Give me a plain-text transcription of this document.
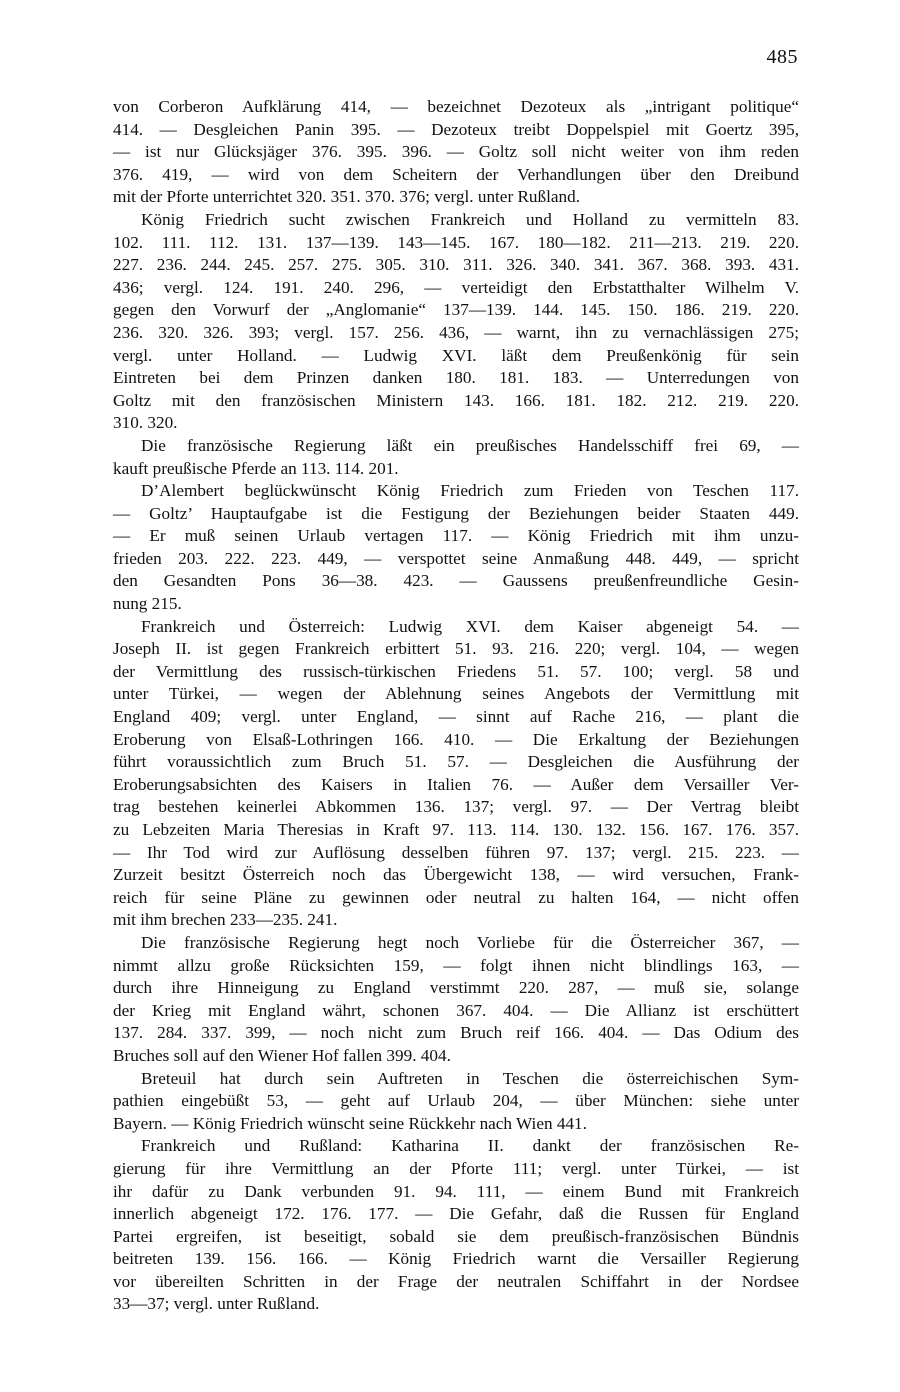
485
von Corberon Aufklärung 414, — bezeichnet Dezoteux als „intrigant politique“
414. — Desgleichen Panin 395. — Dezoteux treibt Doppelspiel mit Goertz 395,
— ist nur Glücksjäger 376. 395. 396. — Goltz soll nicht weiter von ihm reden
376. 419, — wird von dem Scheitern der Verhandlungen über den Dreibund
mit der Pforte unterrichtet 320. 351. 370. 376; vergl. unter Rußland.
König Friedrich sucht zwischen Frankreich und Holland zu vermitteln 83.
102. 111. 112. 131. 137—139. 143—145. 167. 180—182. 211—213. 219. 220.
227. 236. 244. 245. 257. 275. 305. 310. 311. 326. 340. 341. 367. 368. 393. 431.
436; vergl. 124. 191. 240. 296, — verteidigt den Erbstatthalter Wilhelm V.
gegen den Vorwurf der „Anglomanie“ 137—139. 144. 145. 150. 186. 219. 220.
236. 320. 326. 393; vergl. 157. 256. 436, — warnt, ihn zu vernachlässigen 275;
vergl. unter Holland. — Ludwig XVI. läßt dem Preußenkönig für sein
Eintreten bei dem Prinzen danken 180. 181. 183. — Unterredungen von
Goltz mit den französischen Ministern 143. 166. 181. 182. 212. 219. 220.
310. 320.
Die französische Regierung läßt ein preußisches Handelsschiff frei 69, —
kauft preußische Pferde an 113. 114. 201.
D’Alembert beglückwünscht König Friedrich zum Frieden von Teschen 117.
— Goltz’ Hauptaufgabe ist die Festigung der Beziehungen beider Staaten 449.
— Er muß seinen Urlaub vertagen 117. — König Friedrich mit ihm unzu-
frieden 203. 222. 223. 449, — verspottet seine Anmaßung 448. 449, — spricht
den Gesandten Pons 36—38. 423. — Gaussens preußenfreundliche Gesin-
nung 215.
Frankreich und Österreich: Ludwig XVI. dem Kaiser abgeneigt 54. —
Joseph II. ist gegen Frankreich erbittert 51. 93. 216. 220; vergl. 104, — wegen
der Vermittlung des russisch-türkischen Friedens 51. 57. 100; vergl. 58 und
unter Türkei, — wegen der Ablehnung seines Angebots der Vermittlung mit
England 409; vergl. unter England, — sinnt auf Rache 216, — plant die
Eroberung von Elsaß-Lothringen 166. 410. — Die Erkaltung der Beziehungen
führt voraussichtlich zum Bruch 51. 57. — Desgleichen die Ausführung der
Eroberungsabsichten des Kaisers in Italien 76. — Außer dem Versailler Ver-
trag bestehen keinerlei Abkommen 136. 137; vergl. 97. — Der Vertrag bleibt
zu Lebzeiten Maria Theresias in Kraft 97. 113. 114. 130. 132. 156. 167. 176. 357.
— Ihr Tod wird zur Auflösung desselben führen 97. 137; vergl. 215. 223. —
Zurzeit besitzt Österreich noch das Übergewicht 138, — wird versuchen, Frank-
reich für seine Pläne zu gewinnen oder neutral zu halten 164, — nicht offen
mit ihm brechen 233—235. 241.
Die französische Regierung hegt noch Vorliebe für die Österreicher 367, —
nimmt allzu große Rücksichten 159, — folgt ihnen nicht blindlings 163, —
durch ihre Hinneigung zu England verstimmt 220. 287, — muß sie, solange
der Krieg mit England währt, schonen 367. 404. — Die Allianz ist erschüttert
137. 284. 337. 399, — noch nicht zum Bruch reif 166. 404. — Das Odium des
Bruches soll auf den Wiener Hof fallen 399. 404.
Breteuil hat durch sein Auftreten in Teschen die österreichischen Sym-
pathien eingebüßt 53, — geht auf Urlaub 204, — über München: siehe unter
Bayern. — König Friedrich wünscht seine Rückkehr nach Wien 441.
Frankreich und Rußland: Katharina II. dankt der französischen Re-
gierung für ihre Vermittlung an der Pforte 111; vergl. unter Türkei, — ist
ihr dafür zu Dank verbunden 91. 94. 111, — einem Bund mit Frankreich
innerlich abgeneigt 172. 176. 177. — Die Gefahr, daß die Russen für England
Partei ergreifen, ist beseitigt, sobald sie dem preußisch-französischen Bündnis
beitreten 139. 156. 166. — König Friedrich warnt die Versailler Regierung
vor übereilten Schritten in der Frage der neutralen Schiffahrt in der Nordsee
33—37; vergl. unter Rußland.
